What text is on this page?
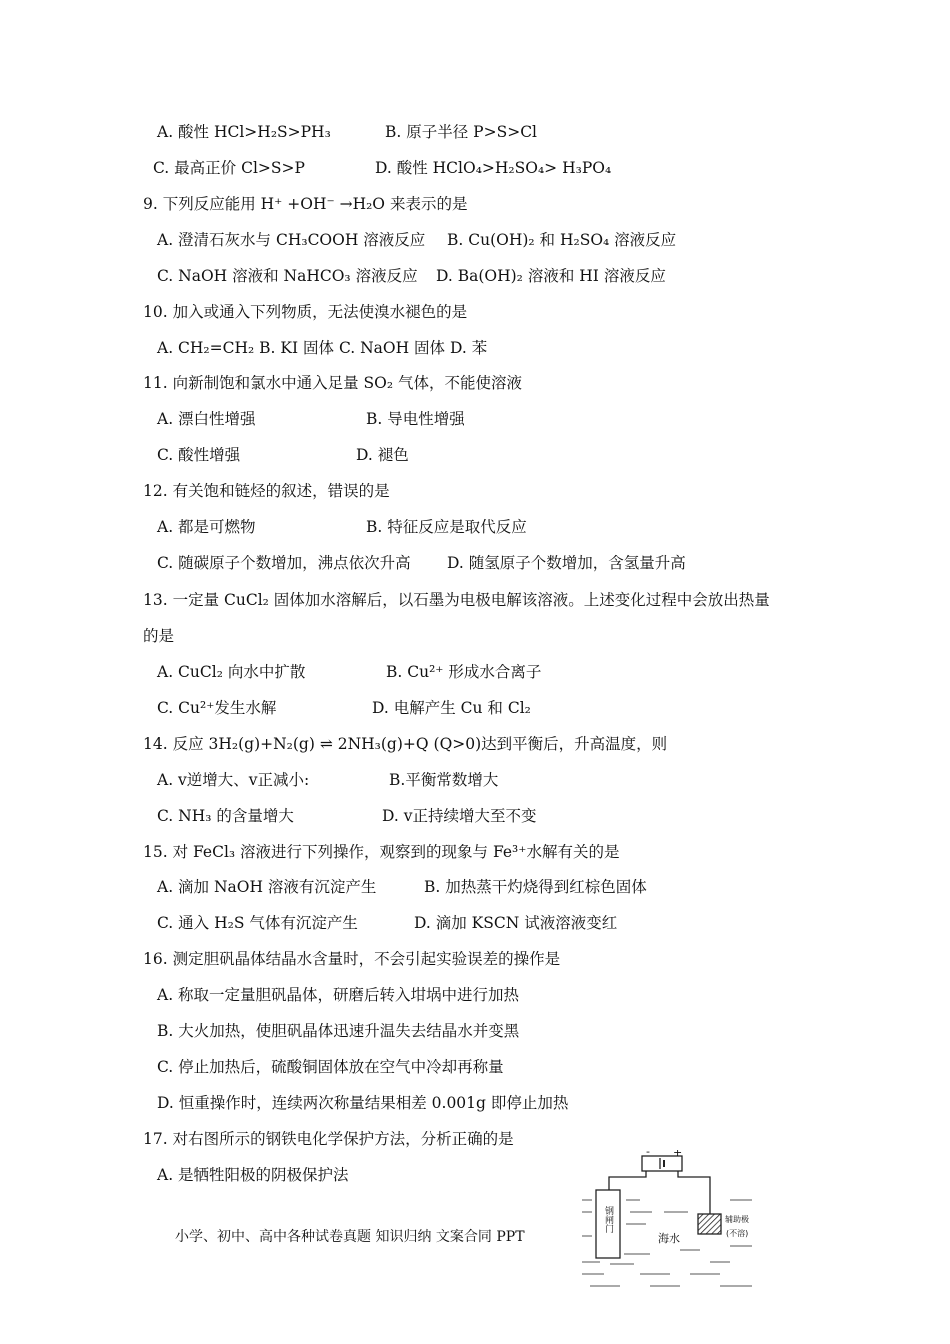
A. 酸性 HCl>H₂S>PH₃	B. 原子半径 P>S>Cl
C. 最高正价 Cl>S>P	D. 酸性 HClO₄>H₂SO₄> H₃PO₄
9. 下列反应能用 H⁺ +OH⁻ →H₂O 来表示的是
A. 澄清石灰水与 CH₃COOH 溶液反应 B. Cu(OH)₂ 和 H₂SO₄ 溶液反应
C. NaOH 溶液和 NaHCO₃ 溶液反应 D. Ba(OH)₂ 溶液和 HI 溶液反应
10. 加入或通入下列物质，无法使溴水褪色的是
A. CH₂=CH₂ B. KI 固体 C. NaOH 固体 D. 苯
11. 向新制饱和氯水中通入足量 SO₂ 气体，不能使溶液
A. 漂白性增强	B. 导电性增强
C. 酸性增强	D. 褪色
12. 有关饱和链烃的叙述，错误的是
A. 都是可燃物	B. 特征反应是取代反应
C. 随碳原子个数增加，沸点依次升高 D. 随氢原子个数增加，含氢量升高
13. 一定量 CuCl₂ 固体加水溶解后，以石墨为电极电解该溶液。上述变化过程中会放出热量
的是
A. CuCl₂ 向水中扩散	B. Cu²⁺ 形成水合离子
C. Cu²⁺发生水解	D. 电解产生 Cu 和 Cl₂
14. 反应 3H₂(g)+N₂(g) ⇌ 2NH₃(g)+Q (Q>0)达到平衡后，升高温度，则
A. v逆增大、v正减小:	B.平衡常数增大
C. NH₃ 的含量增大	D. v正持续增大至不变
15. 对 FeCl₃ 溶液进行下列操作，观察到的现象与 Fe³⁺水解有关的是
A. 滴加 NaOH 溶液有沉淀产生	B. 加热蒸干灼烧得到红棕色固体
C. 通入 H₂S 气体有沉淀产生	D. 滴加 KSCN 试液溶液变红
16. 测定胆矾晶体结晶水含量时，不会引起实验误差的操作是
A. 称取一定量胆矾晶体，研磨后转入坩埚中进行加热
B. 大火加热，使胆矾晶体迅速升温失去结晶水并变黑
C. 停止加热后，硫酸铜固体放在空气中冷却再称量
D. 恒重操作时，连续两次称量结果相差 0.001g 即停止加热
17. 对右图所示的钢铁电化学保护方法，分析正确的是
A. 是牺牲阳极的阴极保护法
小学、初中、高中各种试卷真题 知识归纳 文案合同 PPT
- +
钢闸门	辅助极
(不溶)
海水
